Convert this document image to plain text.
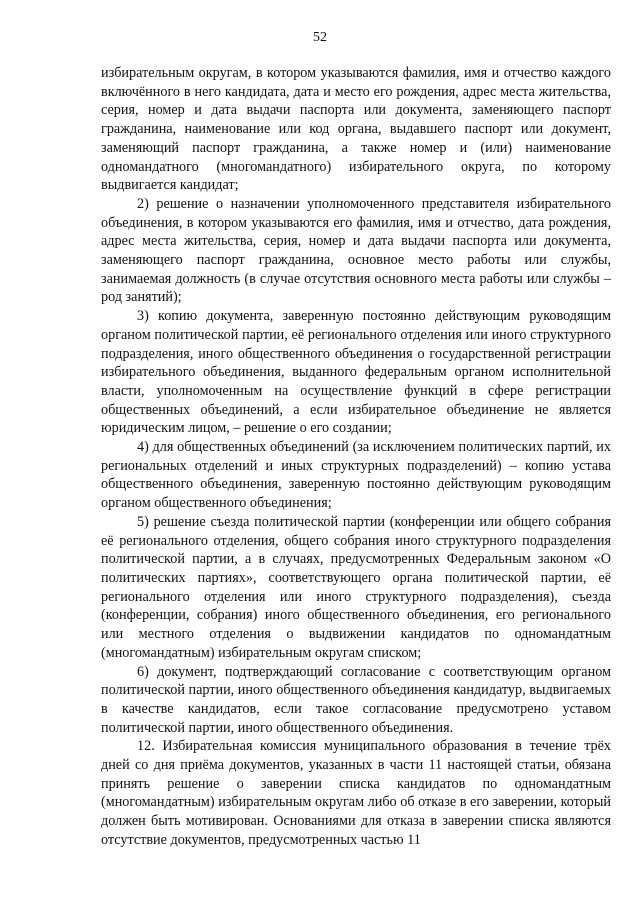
52

избирательным округам, в котором указываются фамилия, имя и отчество каждого включённого в него кандидата, дата и место его рождения, адрес места жительства, серия, номер и дата выдачи паспорта или документа, заменяющего паспорт гражданина, наименование или код органа, выдавшего паспорт или документ, заменяющий паспорт гражданина, а также номер и (или) наименование одномандатного (многомандатного) избирательного округа, по которому выдвигается кандидат;

2) решение о назначении уполномоченного представителя избирательного объединения, в котором указываются его фамилия, имя и отчество, дата рождения, адрес места жительства, серия, номер и дата выдачи паспорта или документа, заменяющего паспорт гражданина, основное место работы или службы, занимаемая должность (в случае отсутствия основного места работы или службы – род занятий);

3) копию документа, заверенную постоянно действующим руководящим органом политической партии, её регионального отделения или иного структурного подразделения, иного общественного объединения о государственной регистрации избирательного объединения, выданного федеральным органом исполнительной власти, уполномоченным на осуществление функций в сфере регистрации общественных объединений, а если избирательное объединение не является юридическим лицом, – решение о его создании;

4) для общественных объединений (за исключением политических партий, их региональных отделений и иных структурных подразделений) – копию устава общественного объединения, заверенную постоянно действующим руководящим органом общественного объединения;

5) решение съезда политической партии (конференции или общего собрания её регионального отделения, общего собрания иного структурного подразделения политической партии, а в случаях, предусмотренных Федеральным законом «О политических партиях», соответствующего органа политической партии, её регионального отделения или иного структурного подразделения), съезда (конференции, собрания) иного общественного объединения, его регионального или местного отделения о выдвижении кандидатов по одномандатным (многомандатным) избирательным округам списком;

6) документ, подтверждающий согласование с соответствующим органом политической партии, иного общественного объединения кандидатур, выдвигаемых в качестве кандидатов, если такое согласование предусмотрено уставом политической партии, иного общественного объединения.

12. Избирательная комиссия муниципального образования в течение трёх дней со дня приёма документов, указанных в части 11 настоящей статьи, обязана принять решение о заверении списка кандидатов по одномандатным (многомандатным) избирательным округам либо об отказе в его заверении, который должен быть мотивирован. Основаниями для отказа в заверении списка являются отсутствие документов, предусмотренных частью 11
